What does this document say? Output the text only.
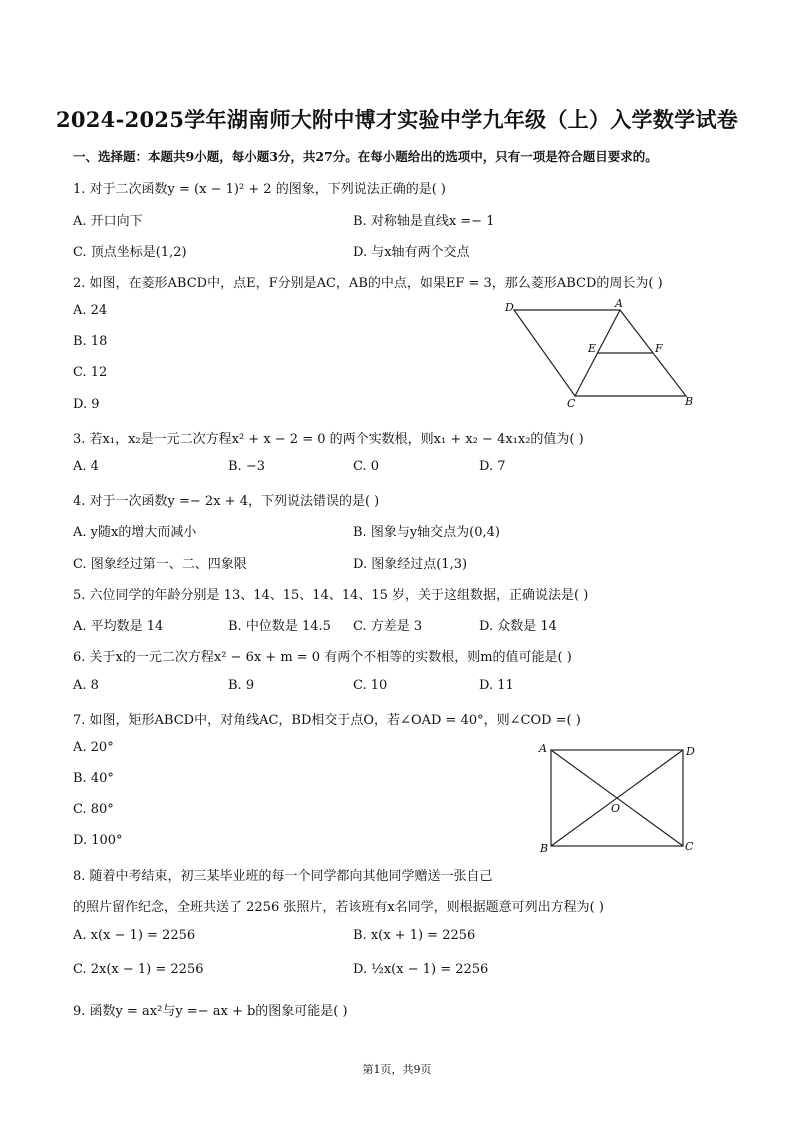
2024-2025学年湖南师大附中博才实验中学九年级（上）入学数学试卷
一、选择题：本题共9小题，每小题3分，共27分。在每小题给出的选项中，只有一项是符合题目要求的。
1. 对于二次函数y = (x − 1)² + 2 的图象，下列说法正确的是( )
A. 开口向下	B. 对称轴是直线x =− 1
C. 顶点坐标是(1,2)	D. 与x轴有两个交点
2. 如图，在菱形ABCD中，点E，F分别是AC，AB的中点，如果EF = 3，那么菱形ABCD的周长为( )
A. 24
B. 18
C. 12
D. 9
D	A
E	F
C	B
A	D
O
B	C
3. 若x₁，x₂是一元二次方程x² + x − 2 = 0 的两个实数根，则x₁ + x₂ − 4x₁x₂的值为( )
A. 4	B. −3	C. 0	D. 7
4. 对于一次函数y =− 2x + 4，下列说法错误的是( )
A. y随x的增大而减小	B. 图象与y轴交点为(0,4)
C. 图象经过第一、二、四象限	D. 图象经过点(1,3)
5. 六位同学的年龄分别是 13、14、15、14、14、15 岁，关于这组数据，正确说法是( )
A. 平均数是 14	B. 中位数是 14.5 C. 方差是 3	D. 众数是 14
6. 关于x的一元二次方程x² − 6x + m = 0 有两个不相等的实数根，则m的值可能是( )
A. 8	B. 9	C. 10	D. 11
7. 如图，矩形ABCD中，对角线AC，BD相交于点O，若∠OAD = 40°，则∠COD =( )
A. 20°
B. 40°
C. 80°
D. 100°
8. 随着中考结束，初三某毕业班的每一个同学都向其他同学赠送一张自己
的照片留作纪念，全班共送了 2256 张照片，若该班有x名同学，则根据题意可列出方程为( )
A. x(x − 1) = 2256	B. x(x + 1) = 2256
C. 2x(x − 1) = 2256	D. ½x(x − 1) = 2256
9. 函数y = ax²与y =− ax + b的图象可能是( )
第1页，共9页
